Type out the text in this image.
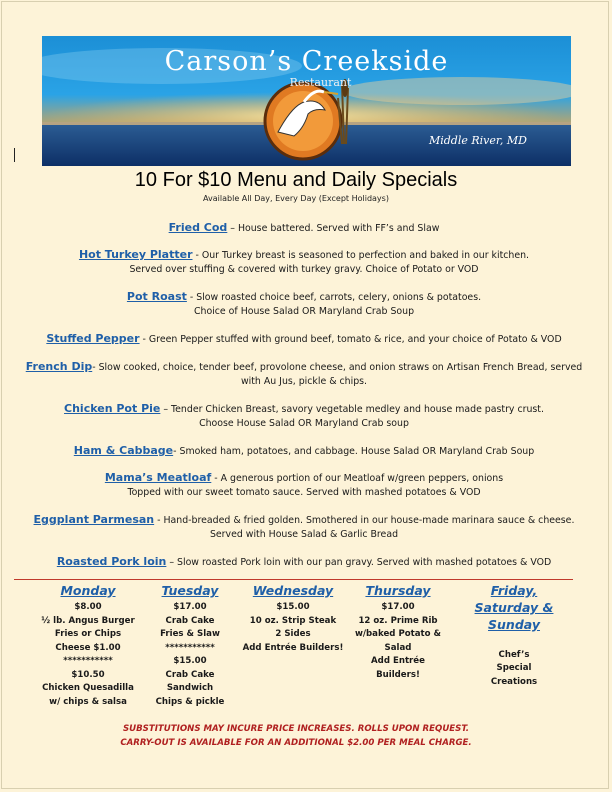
Carson’s Creekside
Restaurant
Middle River, MD
10 For $10 Menu and Daily Specials
Available All Day, Every Day (Except Holidays)
Fried Cod – House battered. Served with FF’s and Slaw
Hot Turkey Platter - Our Turkey breast is seasoned to perfection and baked in our kitchen.
Served over stuffing & covered with turkey gravy. Choice of Potato or VOD
Pot Roast - Slow roasted choice beef, carrots, celery, onions & potatoes.
Choice of House Salad OR Maryland Crab Soup
Stuffed Pepper - Green Pepper stuffed with ground beef, tomato & rice, and your choice of Potato & VOD
French Dip- Slow cooked, choice, tender beef, provolone cheese, and onion straws on Artisan French Bread, served
with Au Jus, pickle & chips.
Chicken Pot Pie – Tender Chicken Breast, savory vegetable medley and house made pastry crust.
Choose House Salad OR Maryland Crab soup
Ham & Cabbage- Smoked ham, potatoes, and cabbage. House Salad OR Maryland Crab Soup
Mama’s Meatloaf - A generous portion of our Meatloaf w/green peppers, onions
Topped with our sweet tomato sauce. Served with mashed potatoes & VOD
Eggplant Parmesan - Hand-breaded & fried golden. Smothered in our house-made marinara sauce & cheese.
Served with House Salad & Garlic Bread
Roasted Pork loin – Slow roasted Pork loin with our pan gravy. Served with mashed potatoes & VOD
Monday
$8.00
½ lb. Angus Burger
Fries or Chips
Cheese $1.00
***********
$10.50
Chicken Quesadilla
w/ chips & salsa
Tuesday
$17.00
Crab Cake
Fries & Slaw
***********
$15.00
Crab Cake
Sandwich
Chips & pickle
Wednesday
$15.00
10 oz. Strip Steak
2 Sides
Add Entrée Builders!
Thursday
$17.00
12 oz. Prime Rib
w/baked Potato &
Salad
Add Entrée Builders!
Friday, Saturday & Sunday

Chef’s
Special
Creations
SUBSTITUTIONS MAY INCURE PRICE INCREASES. ROLLS UPON REQUEST.
CARRY-OUT IS AVAILABLE FOR AN ADDITIONAL $2.00 PER MEAL CHARGE.
